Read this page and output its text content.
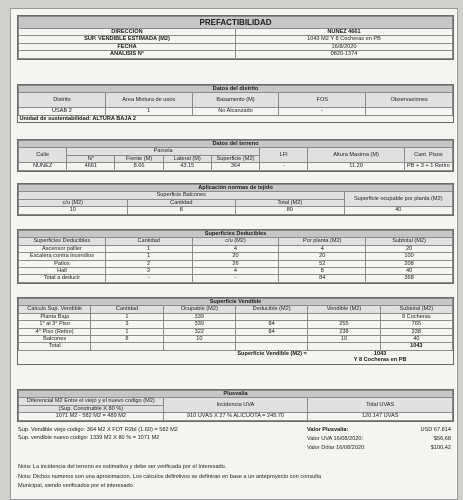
PREFACTIBILIDAD	
DIRECCION	NUÑEZ 4661
SUP. VENDIBLE ESTIMADA (M2)	1043 M2 Y 8 Cocheras en PB
FECHA	16/8/2020
ANALISIS N°	0820-1374
Datos del distrito				
Distrito	Area Mixtura de usos	Basamento (M)	FOS	Observaciones
USAB 2	1	No Alcanzado	-	
Unidad de sustentabilidad: ALTURA BAJA 2				
Datos del terreno							
Calle	Parcela				LFI	Altura Maxima (M)	Cant. Pisos
	N°	Frente (M)	Lateral (M)	Superficie (M2)			
NUÑEZ	4661	8.66	43.15	364	-	11.20	PB + 3 + 1 Retiro
Aplicación normas de tejido			
Superficie Balcones			Superficie ocupable por planta (M2)
c/u (M2)	Cantidad	Total (M2)	
10	8	80	40
Superficies Deducibles				
Superficies Deducibles	Cantidad	c/u (M2)	Por planta (M2)	Subtotal (M2)
Ascensor pallier	1	4	4	20
Escalera contra incendios	1	20	20	100
Patios	2	26	52	208
Hall	2	4	8	40
Total a deducir	-	-	84	368
Superficie Vendible					
Calculo Sup. Vendible	Cantidad	Ocupable (M2)	Deducible (M2)	Vendible (M2)	Subtotal (M2)
Planta Baja	1	339			8 Cocheras
1° al 3° Piso	3	339	84	255	765
4° Piso (Retiro)	1	322	84	238	238
Balcones	8	10		10	40
Total					1043
Superficie Vendible (M2) =				1043	
				Y 8 Cocheras en PB	
Plusvalia		
Diferencial M2 Entre el viejo y el nuevo codigo (M2)	Incidencia UVA	Total UVAS
(Sup. Construible X 80 %)		
1071 M2 - 582 M2 = 489 M2	910 UVAS X 27 % ALICUOTA = 245.70	120.147 UVAS
Sup. Vendible viejo codigo: 364 M2 X FOT R2bI (1.60) = 582 M2
Sup. vendible nuevo codigo: 1339 M2 X 80 % = 1071 M2
Valor Plusvalia:	USD 67.814
Valor UVA 16/08/2020:	$56,68
Valor Dólar 16/08/2020:	$100,42
Nota: La incidencia del terreno es estimativa y debe ser verificada por el Interesado.
Nota: Dichos numeros son una aproximacion. Los calculos definitivos se definiran en base a un anteproyecto con consulta
Municipal, siendo verificados por el interesado.
